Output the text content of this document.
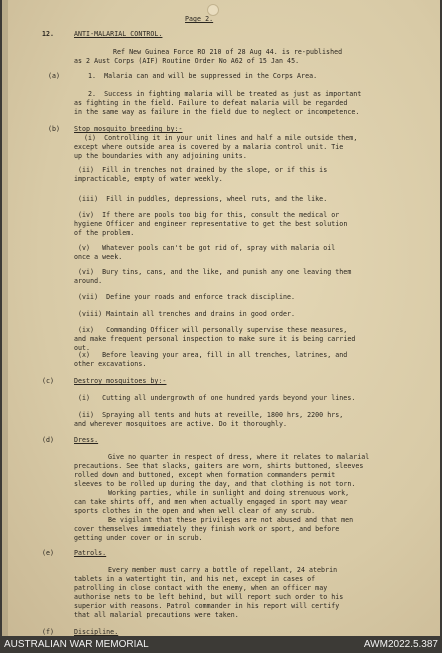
Page 2.
12.	ANTI-MALARIAL CONTROL.
Ref New Guinea Force RO 210 of 28 Aug 44. is re-published
as 2 Aust Corps (AIF) Routine Order No A62 of 15 Jan 45.
(a)	1.  Malaria can and will be suppressed in the Corps Area.
2.  Success in fighting malaria will be treated as just as important
as fighting in the field. Failure to defeat malaria will be regarded
in the same way as failure in the field due to neglect or incompetence.
(b) Stop mosquito breeding by:-
(i)  Controlling it in your unit lines and half a mile outside them,
except where outside area is covered by a malaria control unit. Tie
up the boundaries with any adjoining units.
(ii)  Fill in trenches not drained by the slope, or if this is
impracticable, empty of water weekly.
(iii)  Fill in puddles, depressions, wheel ruts, and the like.
(iv)  If there are pools too big for this, consult the medical or
hygiene Officer and engineer representative to get the best solution
of the problem.
(v)   Whatever pools can't be got rid of, spray with malaria oil
once a week.
(vi)  Bury tins, cans, and the like, and punish any one leaving them
around.
(vii)  Define your roads and enforce track discipline.
(viii) Maintain all trenches and drains in good order.
(ix)   Commanding Officer will personally supervise these measures,
and make frequent personal inspection to make sure it is being carried
out.
(x)   Before leaving your area, fill in all trenches, latrines, and
other excavations.
(c)	Destroy mosquitoes by:-
(i)   Cutting all undergrowth of one hundred yards beyond your lines.
(ii)  Spraying all tents and huts at reveille, 1800 hrs, 2200 hrs,
and wherever mosquitoes are active. Do it thoroughly.
(d)	Dress.
Give no quarter in respect of dress, where it relates to malarial
precautions. See that slacks, gaiters are worn, shirts buttoned, sleeves
rolled down and buttoned, except when formation commanders permit
sleeves to be rolled up during the day, and that clothing is not torn.
Working parties, while in sunlight and doing strenuous work,
can take shirts off, and men when actually engaged in sport may wear
sports clothes in the open and when well clear of any scrub.
Be vigilant that these privileges are not abused and that men
cover themselves immediately they finish work or sport, and before
getting under cover or in scrub.
(e)	Patrols.
Every member must carry a bottle of repellant, 24 atebrin
tablets in a watertight tin, and his net, except in cases of
patrolling in close contact with the enemy, when an officer may
authorise nets to be left behind, but will report such order to his
superior with reasons. Patrol commander in his report will certify
that all malarial precautions were taken.
(f)	Discipline.
AUSTRALIAN WAR MEMORIAL	AWM2022.5.387
